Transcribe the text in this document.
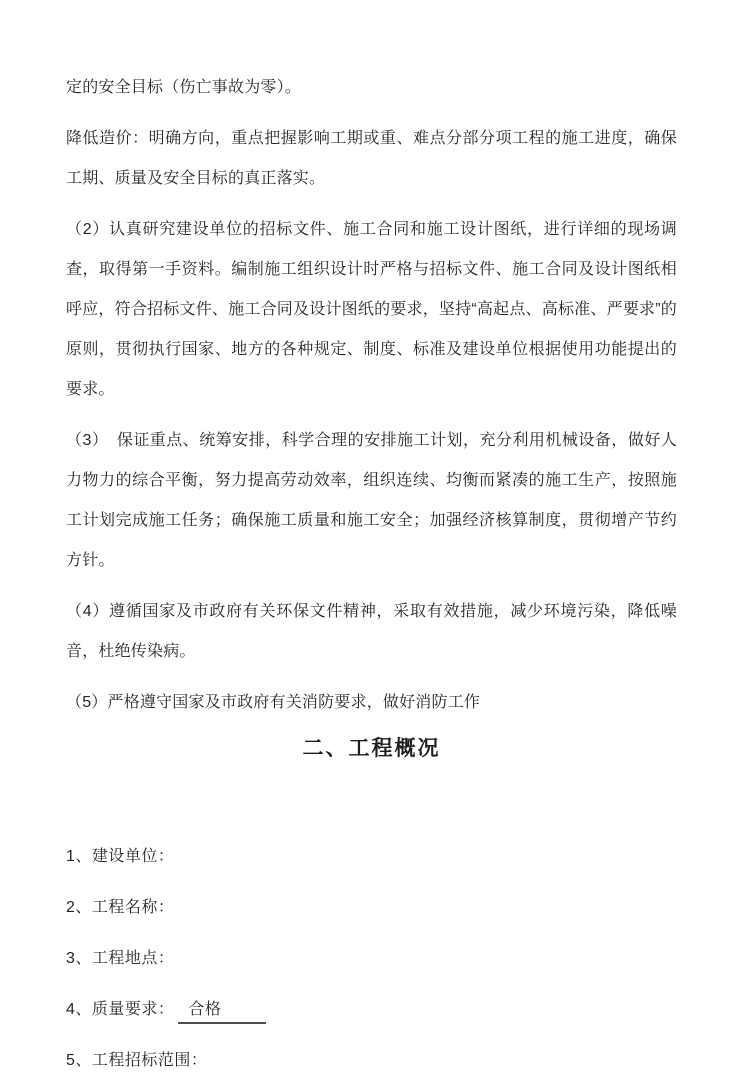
定的安全目标（伤亡事故为零）。

降低造价：明确方向，重点把握影响工期或重、难点分部分项工程的施工进度，确保工期、质量及安全目标的真正落实。

（2）认真研究建设单位的招标文件、施工合同和施工设计图纸，进行详细的现场调查，取得第一手资料。编制施工组织设计时严格与招标文件、施工合同及设计图纸相呼应，符合招标文件、施工合同及设计图纸的要求，坚持“高起点、高标准、严要求”的原则，贯彻执行国家、地方的各种规定、制度、标准及建设单位根据使用功能提出的要求。

（3）　保证重点、统筹安排，科学合理的安排施工计划，充分利用机械设备，做好人力物力的综合平衡，努力提高劳动效率，组织连续、均衡而紧凑的施工生产，按照施工计划完成施工任务；确保施工质量和施工安全；加强经济核算制度，贯彻增产节约方针。

（4）遵循国家及市政府有关环保文件精神，采取有效措施，减少环境污染，降低噪音，杜绝传染病。

（5）严格遵守国家及市政府有关消防要求，做好消防工作

二、工程概况

1、建设单位：

2、工程名称：

3、工程地点：

4、质量要求： 合格

5、工程招标范围：
